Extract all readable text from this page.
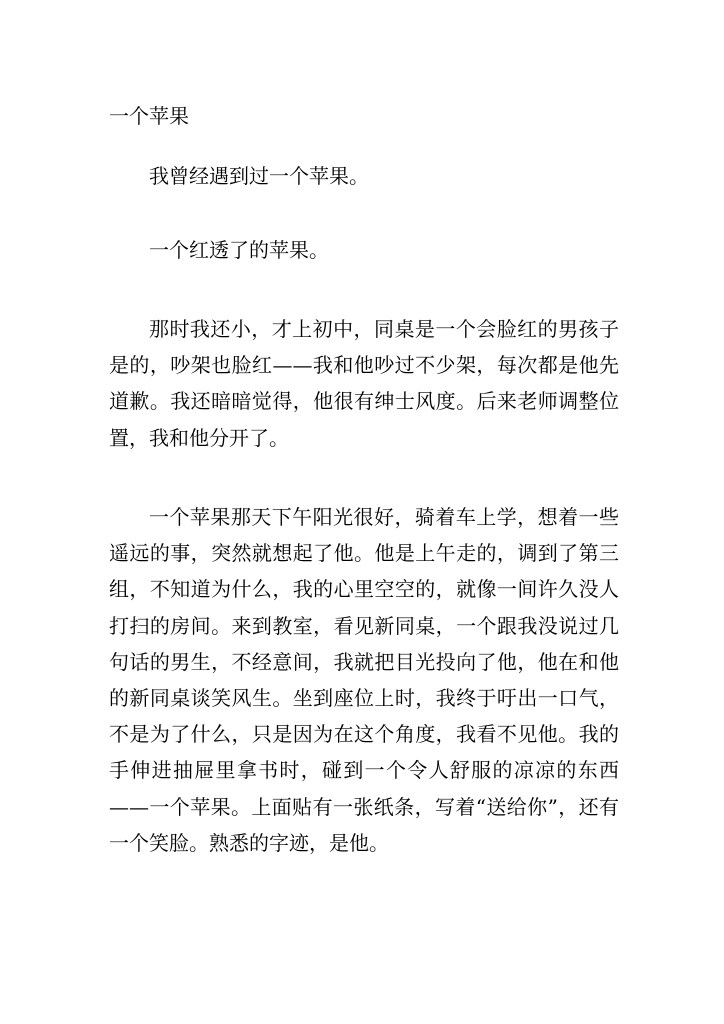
一个苹果

我曾经遇到过一个苹果。

一个红透了的苹果。

那时我还小，才上初中，同桌是一个会脸红的男孩子是的，吵架也脸红——我和他吵过不少架，每次都是他先道歉。我还暗暗觉得，他很有绅士风度。后来老师调整位置，我和他分开了。

一个苹果那天下午阳光很好，骑着车上学，想着一些遥远的事，突然就想起了他。他是上午走的，调到了第三组，不知道为什么，我的心里空空的，就像一间许久没人打扫的房间。来到教室，看见新同桌，一个跟我没说过几句话的男生，不经意间，我就把目光投向了他，他在和他的新同桌谈笑风生。坐到座位上时，我终于吁出一口气，不是为了什么，只是因为在这个角度，我看不见他。我的手伸进抽屉里拿书时，碰到一个令人舒服的凉凉的东西——一个苹果。上面贴有一张纸条，写着“送给你”，还有一个笑脸。熟悉的字迹，是他。
